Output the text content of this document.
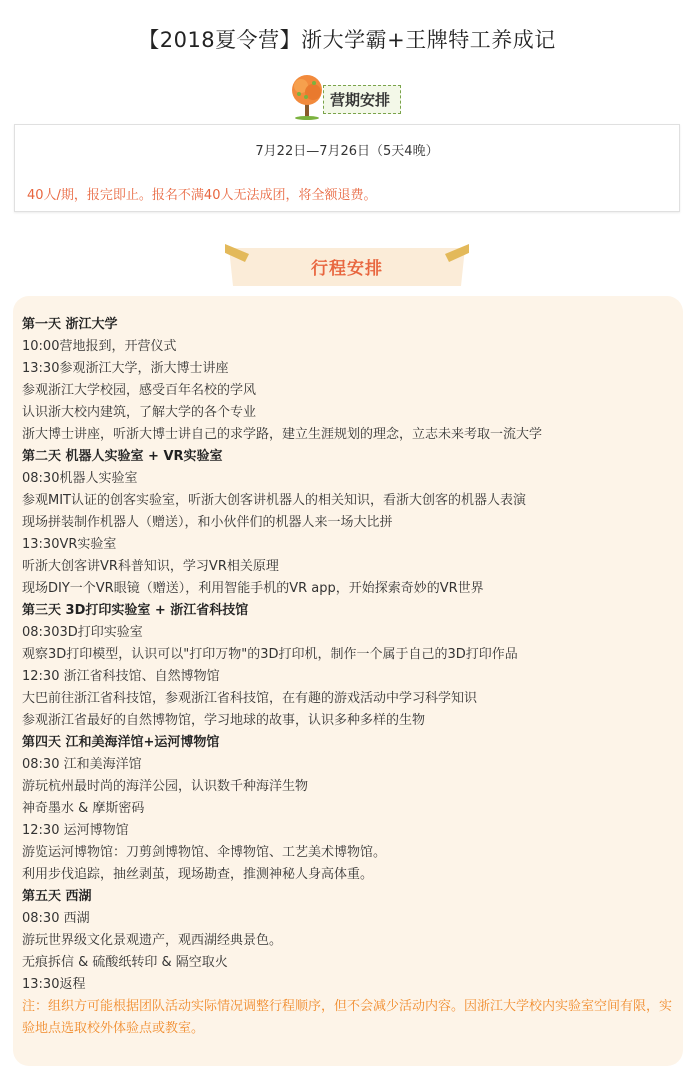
【2018夏令营】浙大学霸+王牌特工养成记
营期安排
7月22日—7月26日（5天4晚）
40人/期，报完即止。报名不满40人无法成团，将全额退费。
行程安排
第一天 浙江大学
10:00营地报到，开营仪式
13:30参观浙江大学，浙大博士讲座
参观浙江大学校园，感受百年名校的学风
认识浙大校内建筑，了解大学的各个专业
浙大博士讲座，听浙大博士讲自己的求学路，建立生涯规划的理念，立志未来考取一流大学
第二天 机器人实验室 + VR实验室
08:30机器人实验室
参观MIT认证的创客实验室，听浙大创客讲机器人的相关知识，看浙大创客的机器人表演
现场拼装制作机器人（赠送），和小伙伴们的机器人来一场大比拼
13:30VR实验室
听浙大创客讲VR科普知识，学习VR相关原理
现场DIY一个VR眼镜（赠送），利用智能手机的VR app，开始探索奇妙的VR世界
第三天 3D打印实验室 + 浙江省科技馆
08:303D打印实验室
观察3D打印模型，认识可以"打印万物"的3D打印机，制作一个属于自己的3D打印作品
12:30 浙江省科技馆、自然博物馆
大巴前往浙江省科技馆，参观浙江省科技馆，在有趣的游戏活动中学习科学知识
参观浙江省最好的自然博物馆，学习地球的故事，认识多种多样的生物
第四天 江和美海洋馆+运河博物馆
08:30 江和美海洋馆
游玩杭州最时尚的海洋公园，认识数千种海洋生物
神奇墨水 & 摩斯密码
12:30 运河博物馆
游览运河博物馆：刀剪剑博物馆、伞博物馆、工艺美术博物馆。
利用步伐追踪，抽丝剥茧，现场勘查，推测神秘人身高体重。
第五天 西湖
08:30 西湖
游玩世界级文化景观遗产，观西湖经典景色。
无痕拆信 & 硫酸纸转印 & 隔空取火
13:30返程
注：组织方可能根据团队活动实际情况调整行程顺序，但不会减少活动内容。因浙江大学校内实验室空间有限，实验地点选取校外体验点或教室。
